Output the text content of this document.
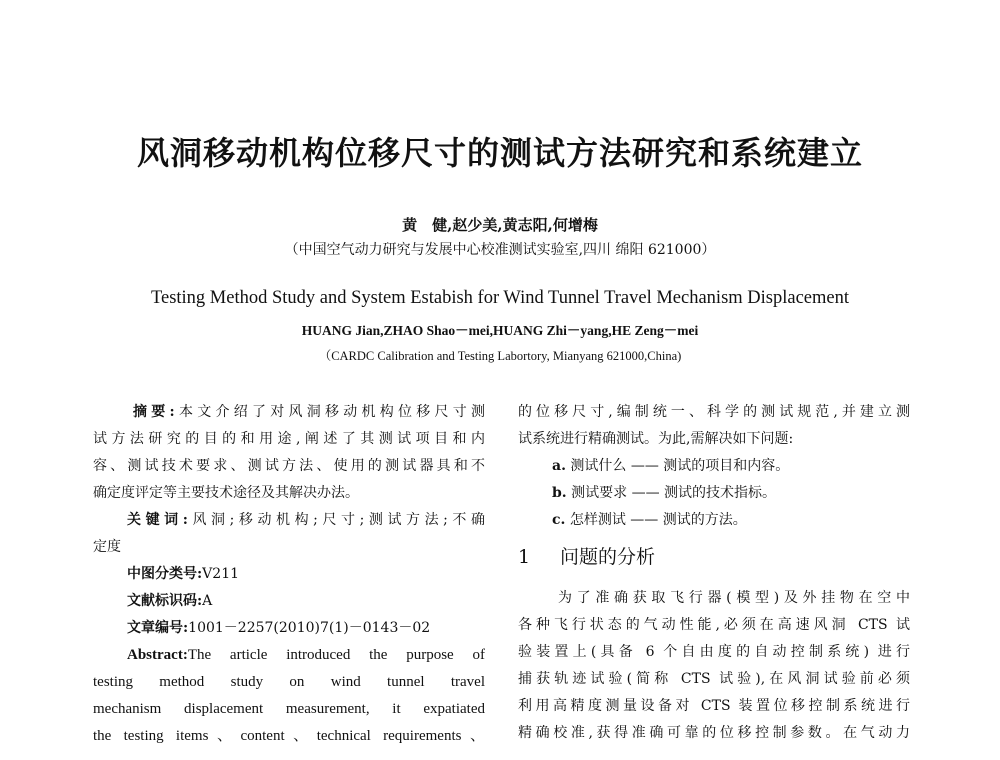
风洞移动机构位移尺寸的测试方法研究和系统建立
黄　健,赵少美,黄志阳,何增梅
（中国空气动力研究与发展中心校准测试实验室,四川 绵阳 621000）
Testing Method Study and System Estabish for Wind Tunnel Travel Mechanism Displacement
HUANG Jian,ZHAO Shao－mei,HUANG Zhi－yang,HE Zeng－mei
（CARDC Calibration and Testing Labortory, Mianyang 621000,China)
摘要:本文介绍了对风洞移动机构位移尺寸测
试方法研究的目的和用途,阐述了其测试项目和内
容、测试技术要求、测试方法、使用的测试器具和不
确定度评定等主要技术途径及其解决办法。
关键词:风洞;移动机构;尺寸;测试方法;不确
定度
中图分类号:V211
文献标识码:A
文章编号:1001－2257(2010)7(1)－0143－02
Abstract:The article introduced the purpose of
testing method study on wind tunnel travel
mechanism displacement measurement, it expatiated
the testing items、content、technical requirements、
的位移尺寸,编制统一、科学的测试规范,并建立测
试系统进行精确测试。为此,需解决如下问题:
a. 测试什么 —— 测试的项目和内容。
b. 测试要求 —— 测试的技术指标。
c. 怎样测试 —— 测试的方法。
1 问题的分析
为了准确获取飞行器(模型)及外挂物在空中
各种飞行状态的气动性能,必须在高速风洞 CTS 试
验装置上(具备 6 个自由度的自动控制系统) 进行
捕获轨迹试验(简称 CTS 试验),在风洞试验前必须
利用高精度测量设备对 CTS 装置位移控制系统进行
精确校准,获得准确可靠的位移控制参数。在气动力
